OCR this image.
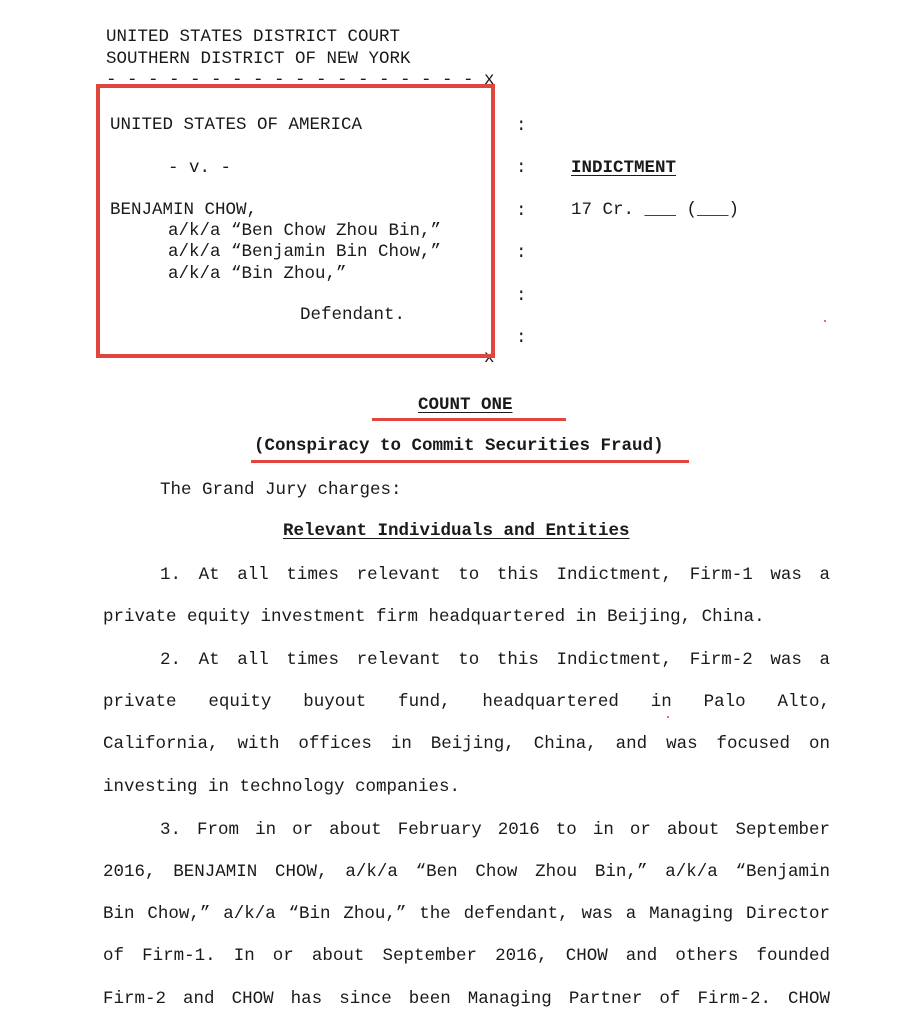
UNITED STATES DISTRICT COURT
SOUTHERN DISTRICT OF NEW YORK
- - - - - - - - - - - - - - - - - - x
UNITED STATES OF AMERICA
- v. -
BENJAMIN CHOW,
a/k/a “Ben Chow Zhou Bin,”
a/k/a “Benjamin Bin Chow,”
a/k/a “Bin Zhou,”
Defendant.
- - - - - - - - - - - - - - - - - - x
:
:
:
:
:
:
INDICTMENT
17 Cr. ___ (___)
COUNT ONE
(Conspiracy to Commit Securities Fraud)
The Grand Jury charges:
Relevant Individuals and Entities
1. At all times relevant to this Indictment, Firm-1 was a
private equity investment firm headquartered in Beijing, China.
2. At all times relevant to this Indictment, Firm-2 was a
private equity buyout fund, headquartered in Palo Alto,
California, with offices in Beijing, China, and was focused on
investing in technology companies.
3. From in or about February 2016 to in or about September
2016, BENJAMIN CHOW, a/k/a “Ben Chow Zhou Bin,” a/k/a “Benjamin
Bin Chow,” a/k/a “Bin Zhou,” the defendant, was a Managing Director
of Firm-1. In or about September 2016, CHOW and others founded
Firm-2 and CHOW has since been Managing Partner of Firm-2. CHOW
